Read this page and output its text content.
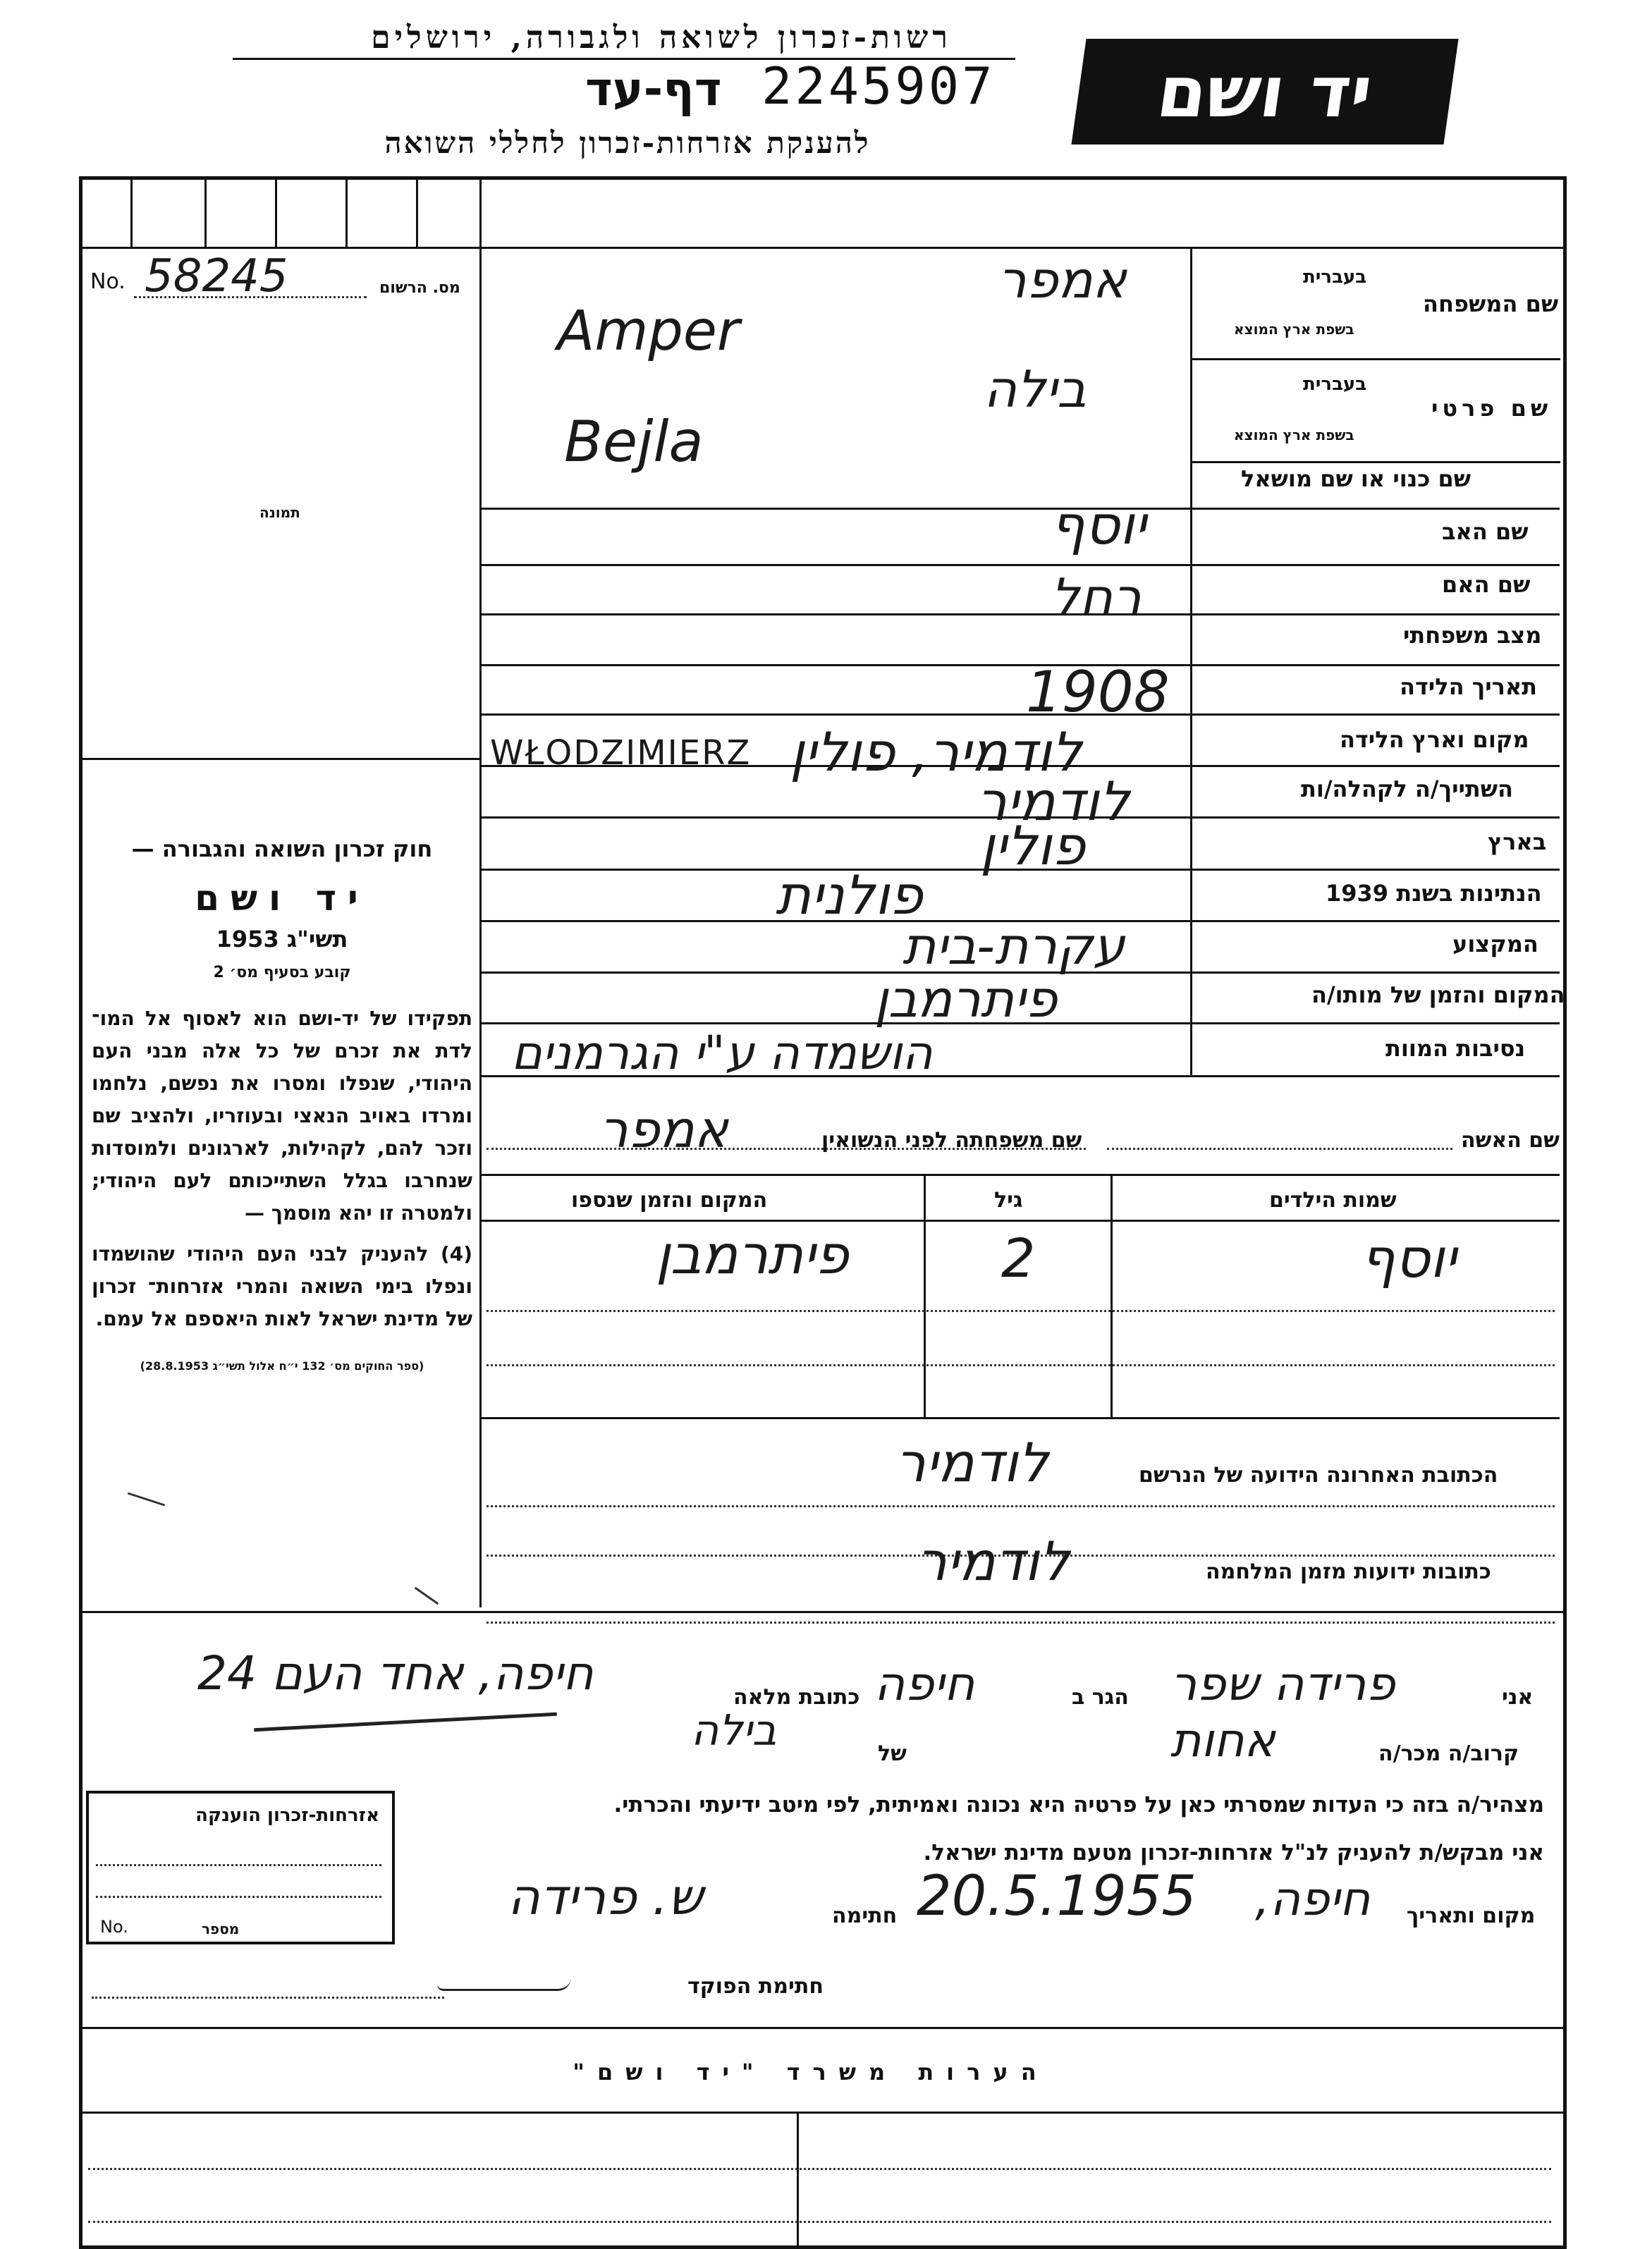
רשות-זכרון לשואה ולגבורה, ירושלים
דף-עד 2245907
להענקת אזרחות-זכרון לחללי השואה
יד ושם
No. 58245	מס. הרשום
תמונה
בעברית
שם המשפחה
בשפת ארץ המוצא
אמפר
Amper
בעברית
שם פרטי
בשפת ארץ המוצא
בילה
Bejla
שם כנוי או שם מושאל
שם האב
יוסף
שם האם
רחל
מצב משפחתי
תאריך הלידה
1908
מקום וארץ הלידה
WŁODZIMIERZ לודמיר, פולין
השתייך/ה לקהלה/ות
לודמיר
בארץ
פולין
הנתינות בשנת 1939
פולנית
המקצוע
עקרת-בית
המקום והזמן של מותו/ה
פיתרמבן
נסיבות המוות
הושמדה ע"י הגרמנים
שם האשה
שם משפחתה לפני הנשואין
אמפר
שמות הילדים
גיל
המקום והזמן שנספו
יוסף
2
פיתרמבן
הכתובת האחרונה הידועה של הנרשם
לודמיר
כתובות ידועות מזמן המלחמה
לודמיר

חוק זכרון השואה והגבורה —

יד ושם

תשי"ג 1953

קובע בסעיף מס׳ 2

תפקידו של יד-ושם הוא לאסוף אל המו־ לדת את זכרם של כל אלה מבני העם היהודי, שנפלו ומסרו את נפשם, נלחמו ומרדו באויב הנאצי ובעוזריו, ולהציב שם וזכר להם, לקהילות, לארגונים ולמוסדות שנחרבו בגלל השתייכותם לעם היהודי; ולמטרה זו יהא מוסמך —

(4) להעניק לבני העם היהודי שהושמדו ונפלו בימי השואה והמרי אזרחות־ זכרון של מדינת ישראל לאות היאספם אל עמם.

(ספר החוקים מס׳ 132 י״ח אלול תשי״ג 28.8.1953)

אני
פרידה שפר
הגר ב
חיפה
כתובת מלאה
חיפה, אחד העם 24
קרוב/ה מכר/ה
אחות
של
בילה
מצהיר/ה בזה כי העדות שמסרתי כאן על פרטיה היא נכונה ואמיתית, לפי מיטב ידיעתי והכרתי.
אני מבקש/ת להעניק לנ"ל אזרחות-זכרון מטעם מדינת ישראל.
מקום ותאריך
חיפה,
20.5.1955
חתימה
ש. פרידה
חתימת הפוקד
אזרחות-זכרון הוענקה
No.	מספר
הערות משרד "יד ושם"
